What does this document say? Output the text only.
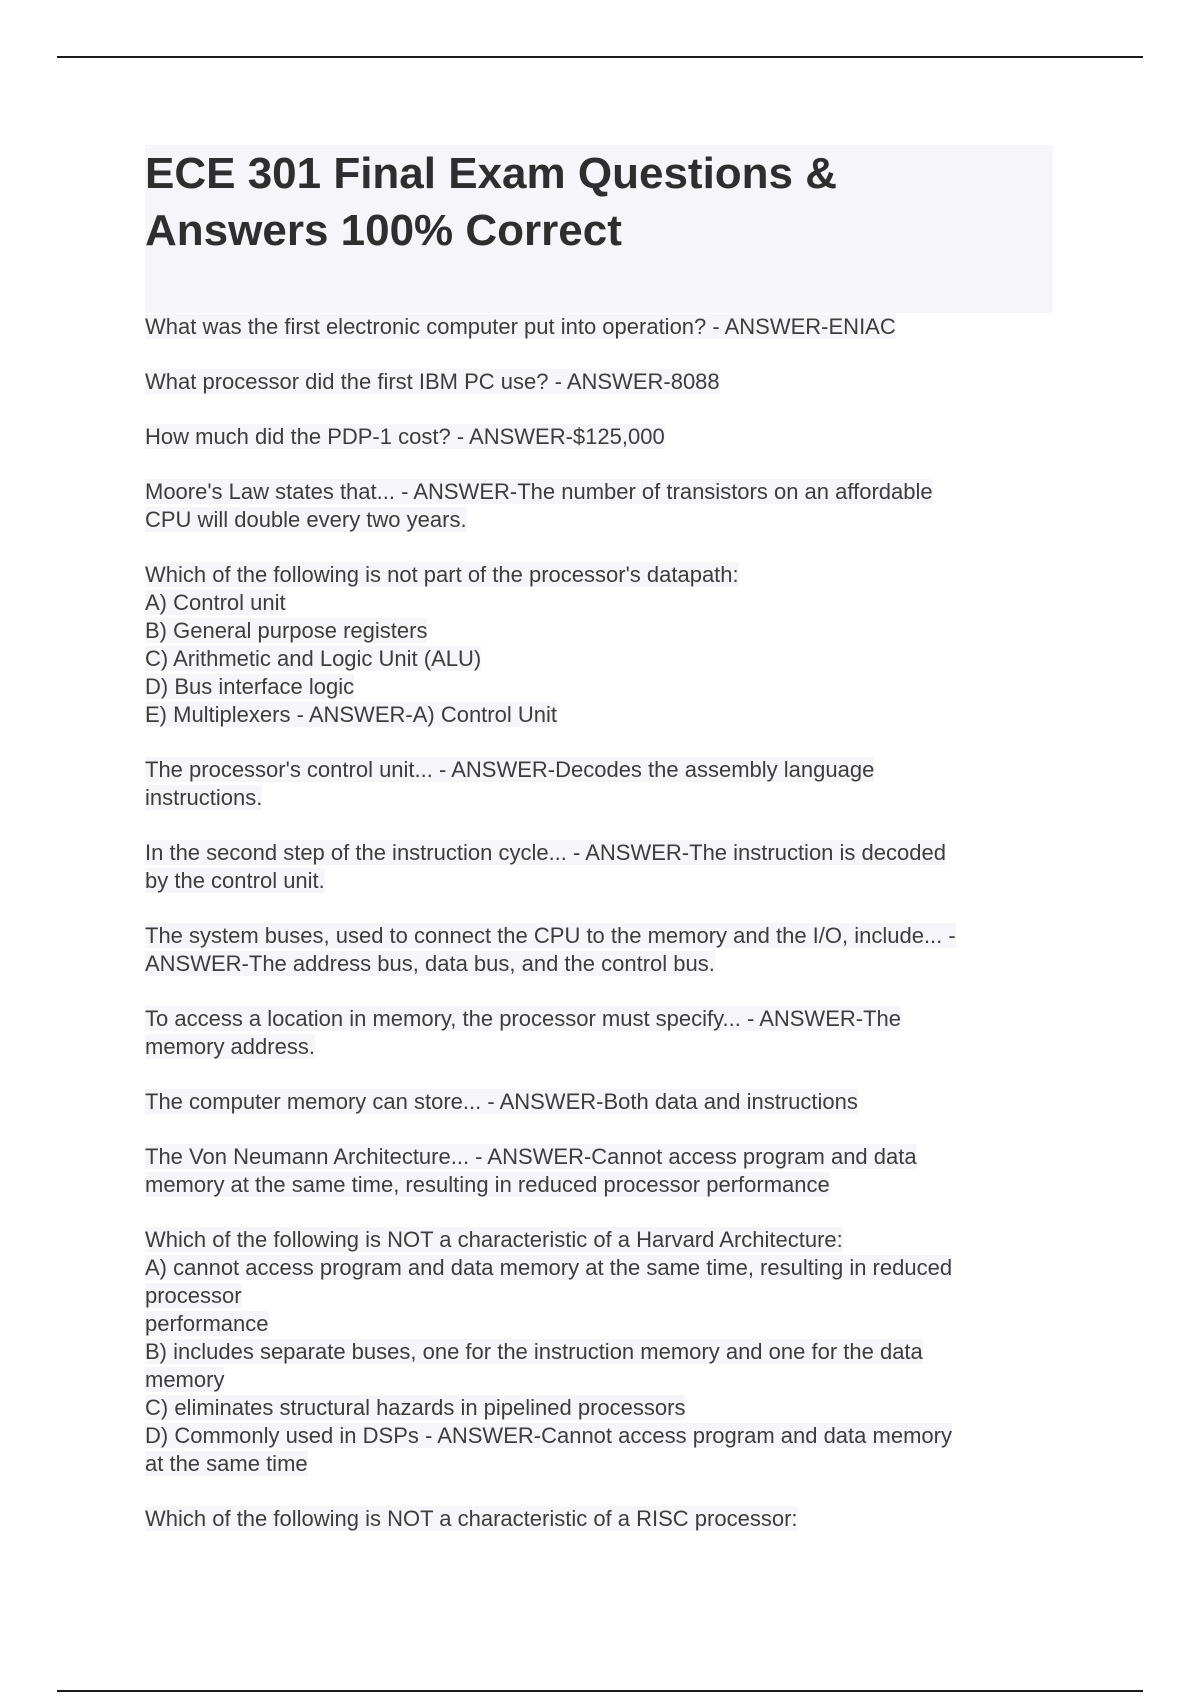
ECE 301 Final Exam Questions &
Answers 100% Correct

What was the first electronic computer put into operation? - ANSWER-ENIAC

What processor did the first IBM PC use? - ANSWER-8088

How much did the PDP-1 cost? - ANSWER-$125,000

Moore's Law states that... - ANSWER-The number of transistors on an affordable
CPU will double every two years.

Which of the following is not part of the processor's datapath:
A) Control unit
B) General purpose registers
C) Arithmetic and Logic Unit (ALU)
D) Bus interface logic
E) Multiplexers - ANSWER-A) Control Unit

The processor's control unit... - ANSWER-Decodes the assembly language
instructions.

In the second step of the instruction cycle... - ANSWER-The instruction is decoded
by the control unit.

The system buses, used to connect the CPU to the memory and the I/O, include... -
ANSWER-The address bus, data bus, and the control bus.

To access a location in memory, the processor must specify... - ANSWER-The
memory address.

The computer memory can store... - ANSWER-Both data and instructions

The Von Neumann Architecture... - ANSWER-Cannot access program and data
memory at the same time, resulting in reduced processor performance

Which of the following is NOT a characteristic of a Harvard Architecture:
A) cannot access program and data memory at the same time, resulting in reduced
processor
performance
B) includes separate buses, one for the instruction memory and one for the data
memory
C) eliminates structural hazards in pipelined processors
D) Commonly used in DSPs - ANSWER-Cannot access program and data memory
at the same time

Which of the following is NOT a characteristic of a RISC processor:
